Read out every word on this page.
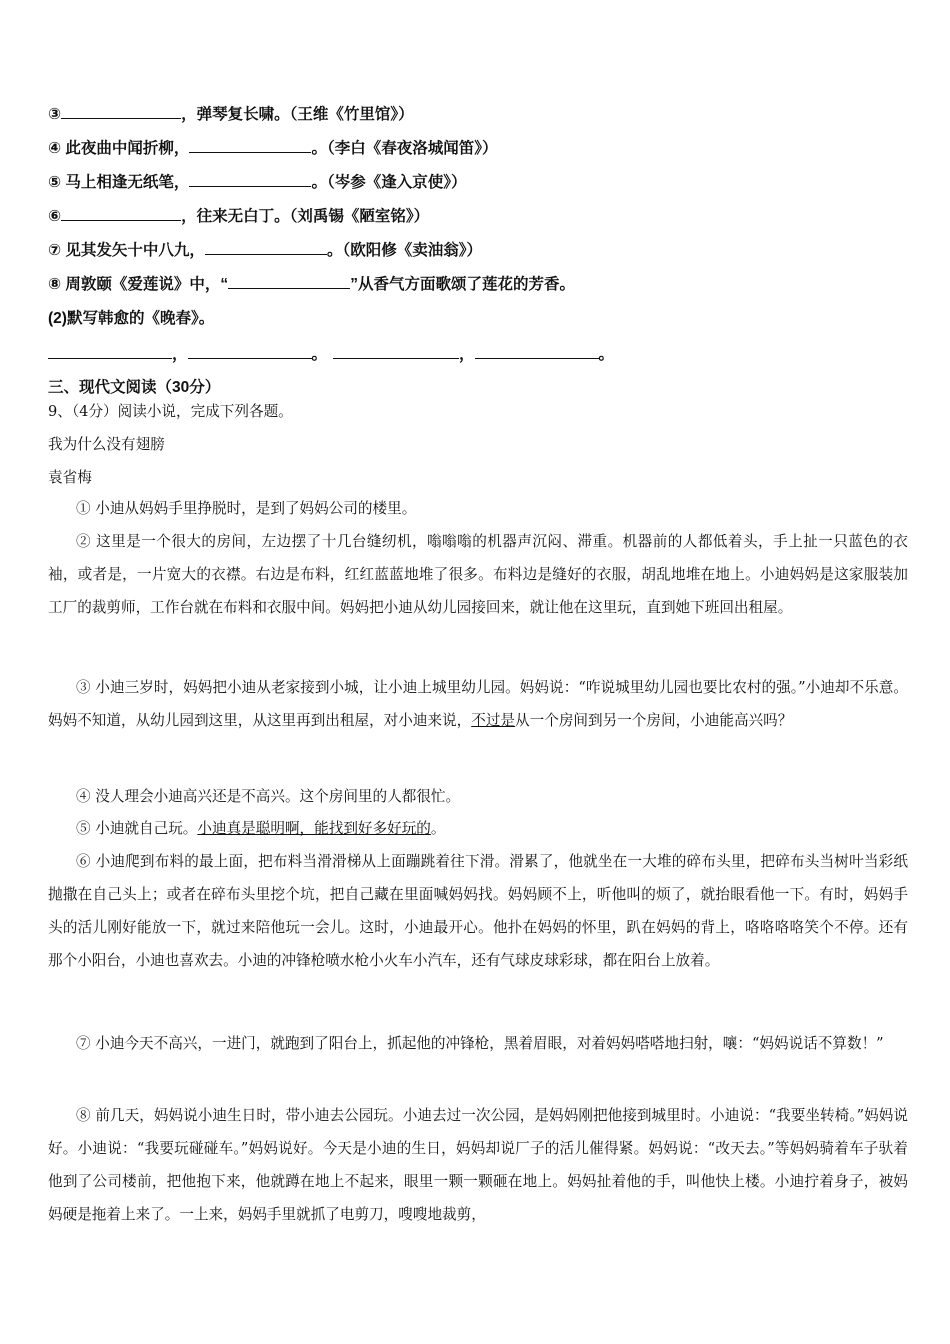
③	，弹琴复长啸。（王维《竹里馆》）
④ 此夜曲中闻折柳，	。（李白《春夜洛城闻笛》）
⑤ 马上相逢无纸笔，	。（岑参《逢入京使》）
⑥	，往来无白丁。（刘禹锡《陋室铭》）
⑦ 见其发矢十中八九，	。（欧阳修《卖油翁》）
⑧ 周敦颐《爱莲说》中，“	”从香气方面歌颂了莲花的芳香。
(2)默写韩愈的《晚春》。
，	。	，	。
三、现代文阅读（30分）
9、（4分）阅读小说，完成下列各题。
我为什么没有翅膀
袁省梅
① 小迪从妈妈手里挣脱时，是到了妈妈公司的楼里。
② 这里是一个很大的房间，左边摆了十几台缝纫机，嗡嗡嗡的机器声沉闷、滞重。机器前的人都低着头，手上扯一只蓝色的衣袖，或者是，一片宽大的衣襟。右边是布料，红红蓝蓝地堆了很多。布料边是缝好的衣服，胡乱地堆在地上。小迪妈妈是这家服装加工厂的裁剪师，工作台就在布料和衣服中间。妈妈把小迪从幼儿园接回来，就让他在这里玩，直到她下班回出租屋。
③ 小迪三岁时，妈妈把小迪从老家接到小城，让小迪上城里幼儿园。妈妈说：“咋说城里幼儿园也要比农村的强。”小迪却不乐意。妈妈不知道，从幼儿园到这里，从这里再到出租屋，对小迪来说，不过是从一个房间到另一个房间，小迪能高兴吗？
④ 没人理会小迪高兴还是不高兴。这个房间里的人都很忙。
⑤ 小迪就自己玩。小迪真是聪明啊，能找到好多好玩的。
⑥ 小迪爬到布料的最上面，把布料当滑滑梯从上面蹦跳着往下滑。滑累了，他就坐在一大堆的碎布头里，把碎布头当树叶当彩纸抛撒在自己头上；或者在碎布头里挖个坑，把自己藏在里面喊妈妈找。妈妈顾不上，听他叫的烦了，就抬眼看他一下。有时，妈妈手头的活儿刚好能放一下，就过来陪他玩一会儿。这时，小迪最开心。他扑在妈妈的怀里，趴在妈妈的背上，咯咯咯咯笑个不停。还有那个小阳台，小迪也喜欢去。小迪的冲锋枪喷水枪小火车小汽车，还有气球皮球彩球，都在阳台上放着。
⑦ 小迪今天不高兴，一进门，就跑到了阳台上，抓起他的冲锋枪，黑着眉眼，对着妈妈嗒嗒地扫射，嚷：“妈妈说话不算数！”
⑧ 前几天，妈妈说小迪生日时，带小迪去公园玩。小迪去过一次公园，是妈妈刚把他接到城里时。小迪说：“我要坐转椅。”妈妈说好。小迪说：“我要玩碰碰车。”妈妈说好。今天是小迪的生日，妈妈却说厂子的活儿催得紧。妈妈说：“改天去。”等妈妈骑着车子驮着他到了公司楼前，把他抱下来，他就蹲在地上不起来，眼里一颗一颗砸在地上。妈妈扯着他的手，叫他快上楼。小迪拧着身子，被妈妈硬是拖着上来了。一上来，妈妈手里就抓了电剪刀，嗖嗖地裁剪，
